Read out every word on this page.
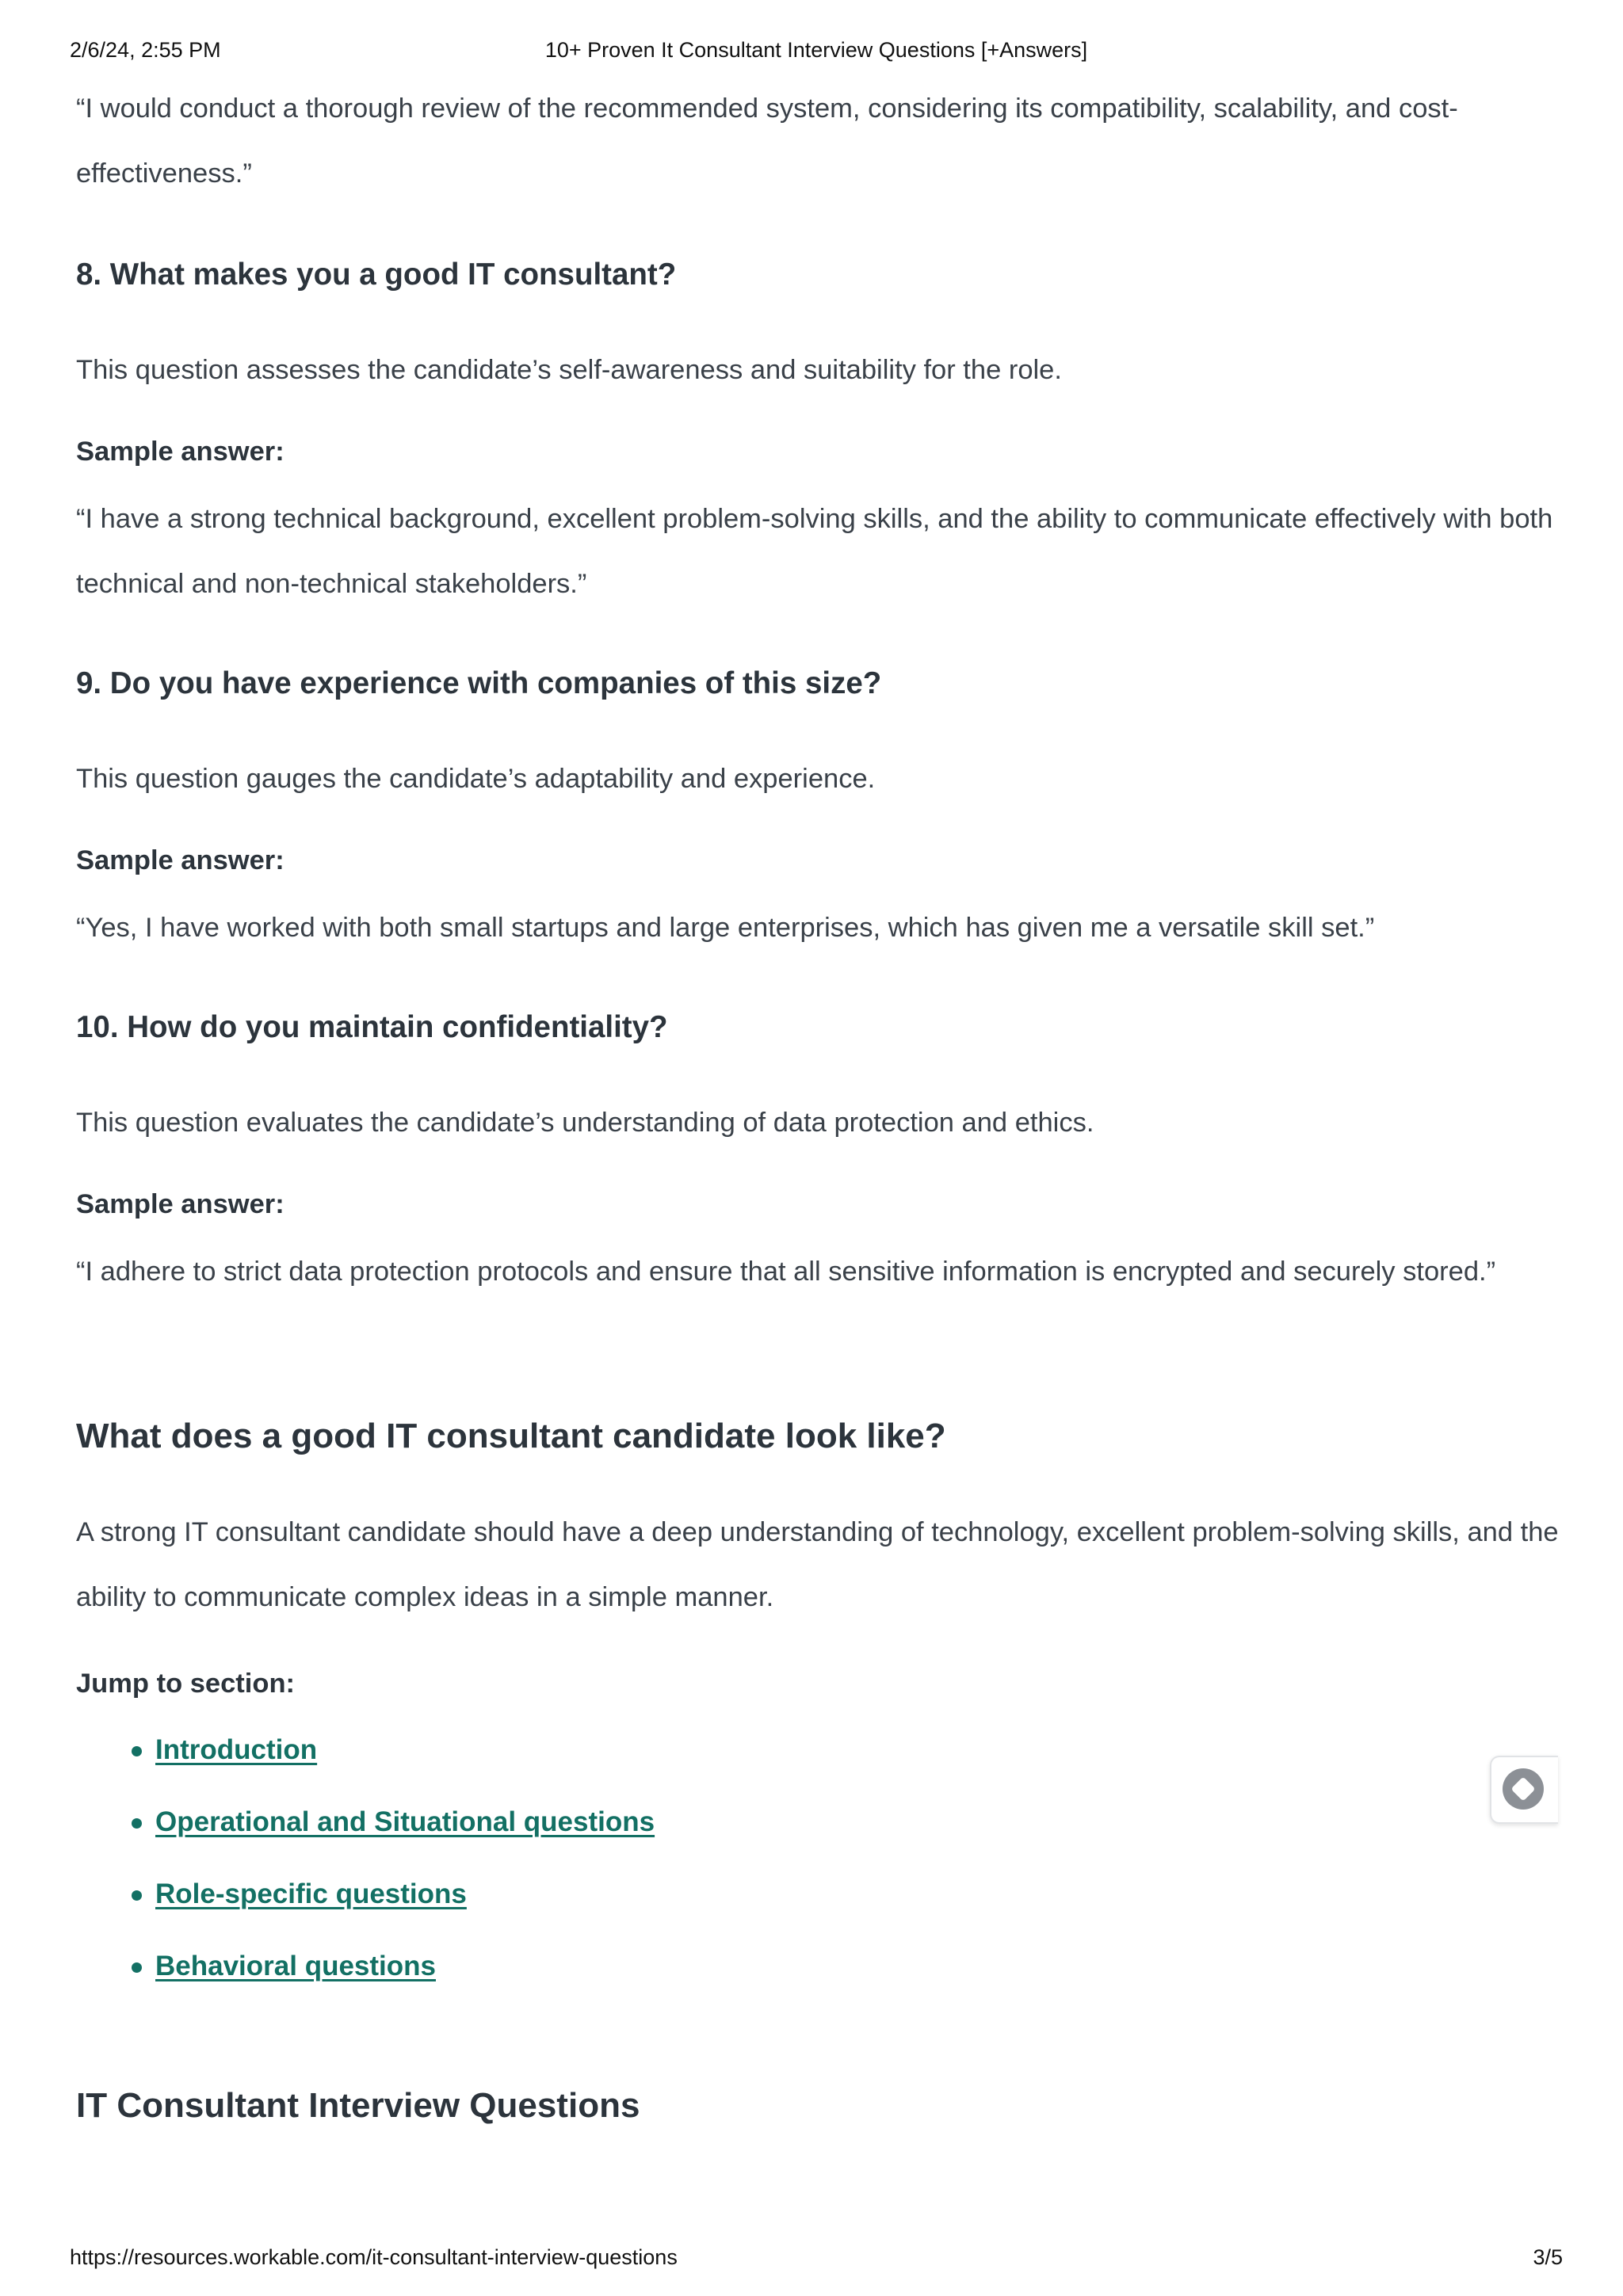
2/6/24, 2:55 PM	10+ Proven It Consultant Interview Questions [+Answers]

“I would conduct a thorough review of the recommended system, considering its compatibility, scalability, and cost-effectiveness.”

8. What makes you a good IT consultant?

This question assesses the candidate’s self-awareness and suitability for the role.

Sample answer:

“I have a strong technical background, excellent problem-solving skills, and the ability to communicate effectively with both technical and non-technical stakeholders.”

9. Do you have experience with companies of this size?

This question gauges the candidate’s adaptability and experience.

Sample answer:

“Yes, I have worked with both small startups and large enterprises, which has given me a versatile skill set.”

10. How do you maintain confidentiality?

This question evaluates the candidate’s understanding of data protection and ethics.

Sample answer:

“I adhere to strict data protection protocols and ensure that all sensitive information is encrypted and securely stored.”

What does a good IT consultant candidate look like?

A strong IT consultant candidate should have a deep understanding of technology, excellent problem-solving skills, and the ability to communicate complex ideas in a simple manner.

Jump to section:

Introduction
Operational and Situational questions
Role-specific questions
Behavioral questions
IT Consultant Interview Questions
https://resources.workable.com/it-consultant-interview-questions	3/5
